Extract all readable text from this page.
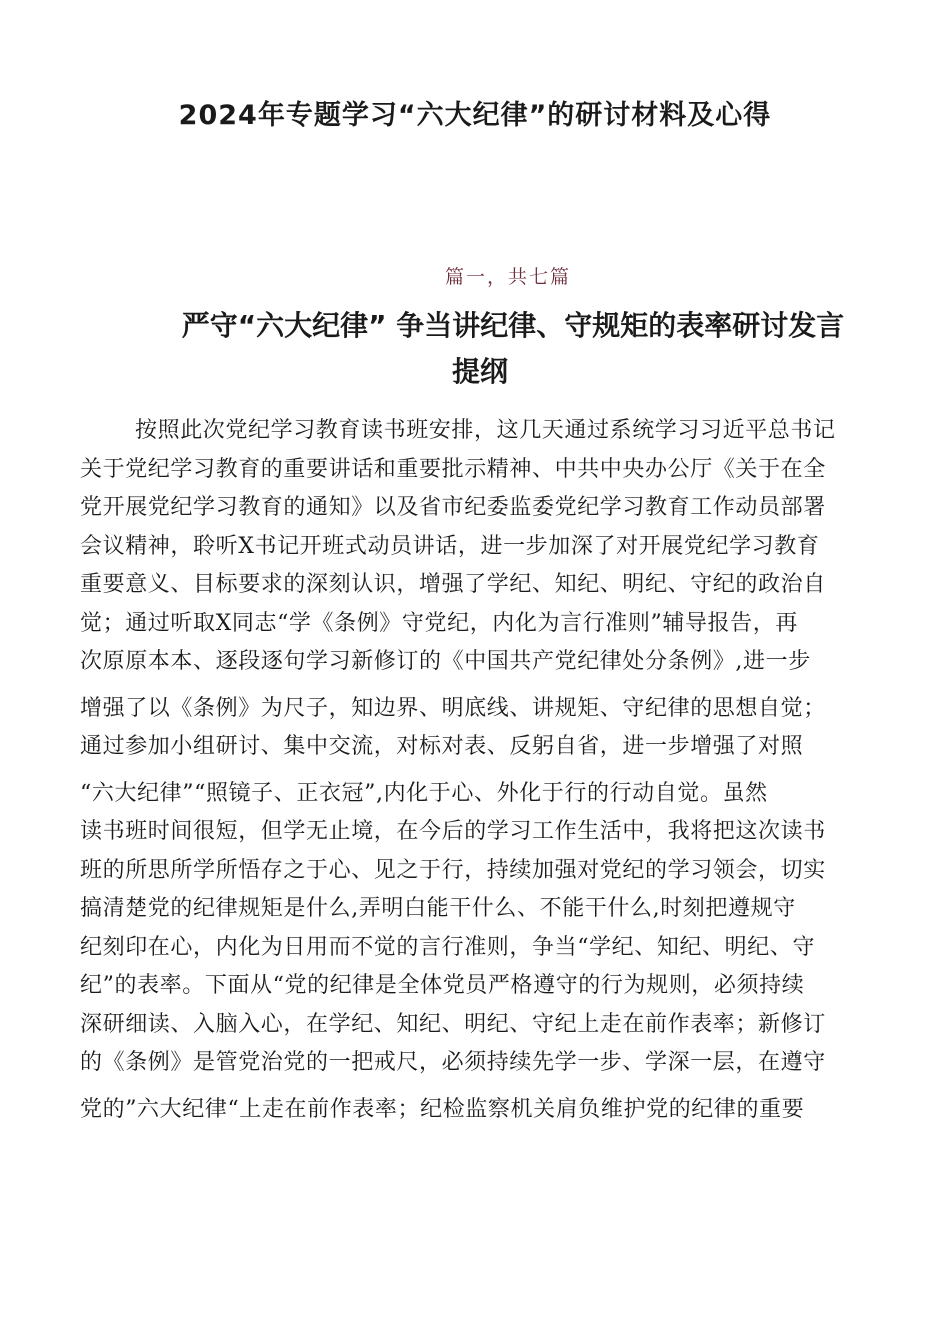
2024年专题学习“六大纪律”的研讨材料及心得

篇一，共七篇

严守“六大纪律” 争当讲纪律、守规矩的表率研讨发言
提纲
按照此次党纪学习教育读书班安排，这几天通过系统学习习近平总书记
关于党纪学习教育的重要讲话和重要批示精神、中共中央办公厅《关于在全
党开展党纪学习教育的通知》以及省市纪委监委党纪学习教育工作动员部署
会议精神，聆听X书记开班式动员讲话，进一步加深了对开展党纪学习教育
重要意义、目标要求的深刻认识，增强了学纪、知纪、明纪、守纪的政治自
觉；通过听取X同志“学《条例》守党纪，内化为言行准则”辅导报告，再
次原原本本、逐段逐句学习新修订的《中国共产党纪律处分条例》,进一步
增强了以《条例》为尺子，知边界、明底线、讲规矩、守纪律的思想自觉；
通过参加小组研讨、集中交流，对标对表、反躬自省，进一步增强了对照
“六大纪律”“照镜子、正衣冠”,内化于心、外化于行的行动自觉。虽然
读书班时间很短，但学无止境，在今后的学习工作生活中，我将把这次读书
班的所思所学所悟存之于心、见之于行，持续加强对党纪的学习领会，切实
搞清楚党的纪律规矩是什么,弄明白能干什么、不能干什么,时刻把遵规守
纪刻印在心，内化为日用而不觉的言行准则，争当“学纪、知纪、明纪、守
纪”的表率。下面从“党的纪律是全体党员严格遵守的行为规则，必须持续
深研细读、入脑入心，在学纪、知纪、明纪、守纪上走在前作表率；新修订
的《条例》是管党治党的一把戒尺，必须持续先学一步、学深一层，在遵守
党的”六大纪律“上走在前作表率；纪检监察机关肩负维护党的纪律的重要
